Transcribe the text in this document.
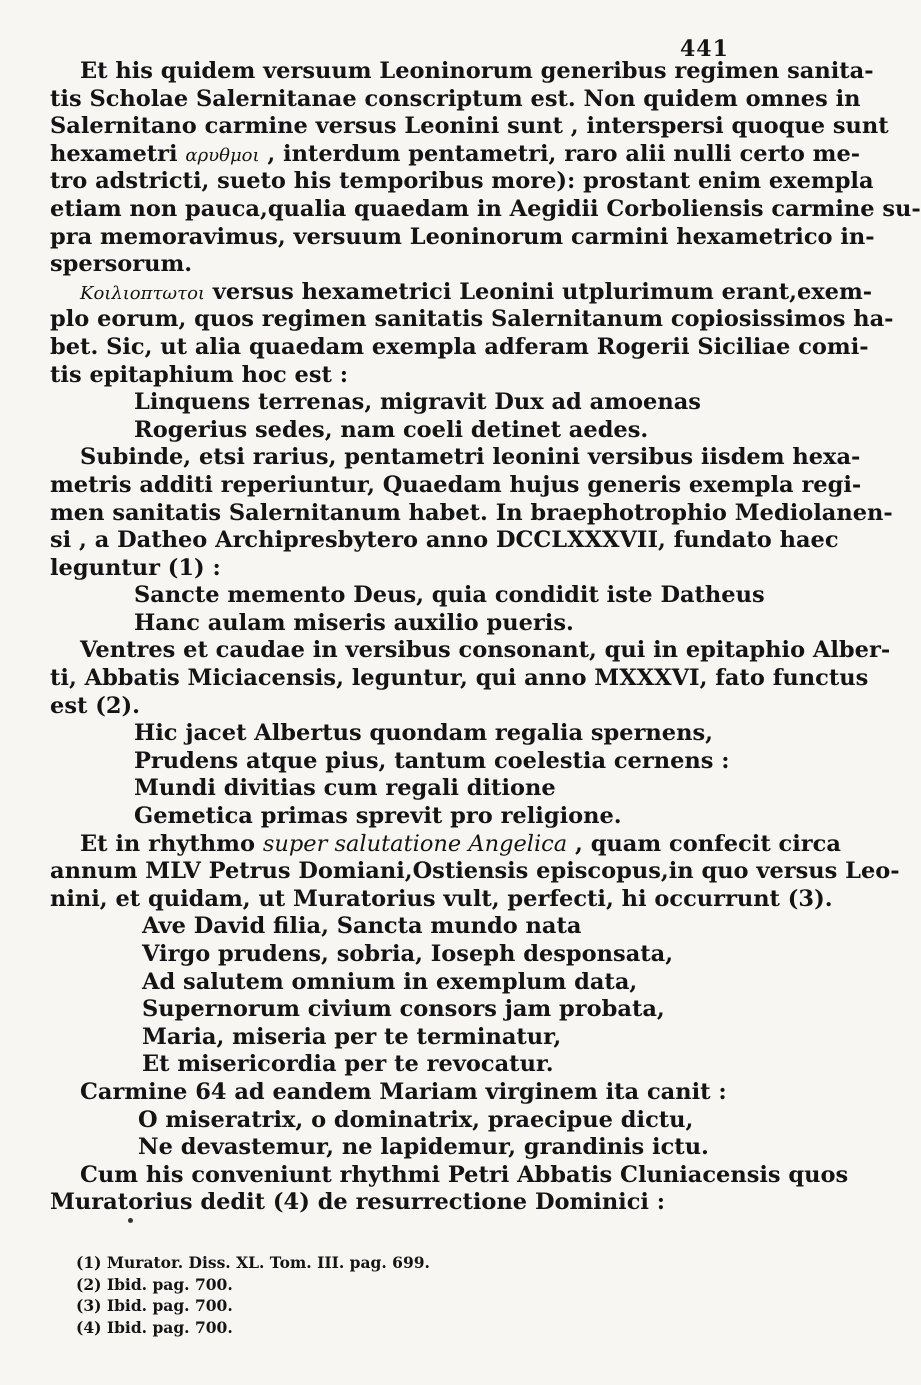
441
Et his quidem versuum Leoninorum generibus regimen sanita-
tis Scholae Salernitanae conscriptum est. Non quidem omnes in
Salernitano carmine versus Leonini sunt , interspersi quoque sunt
hexametri αρυθμοι , interdum pentametri, raro alii nulli certo me-
tro adstricti, sueto his temporibus more): prostant enim exempla
etiam non pauca,qualia quaedam in Aegidii Corboliensis carmine su-
pra memoravimus, versuum Leoninorum carmini hexametrico in-
spersorum.
Κοιλιοπτωτοι versus hexametrici Leonini utplurimum erant,exem-
plo eorum, quos regimen sanitatis Salernitanum copiosissimos ha-
bet. Sic, ut alia quaedam exempla adferam Rogerii Siciliae comi-
tis epitaphium hoc est :
Linquens terrenas, migravit Dux ad amoenas
Rogerius sedes, nam coeli detinet aedes.
Subinde, etsi rarius, pentametri leonini versibus iisdem hexa-
metris additi reperiuntur, Quaedam hujus generis exempla regi-
men sanitatis Salernitanum habet. In braephotrophio Mediolanen-
si , a Datheo Archipresbytero anno DCCLXXXVII, fundato haec
leguntur (1) :
Sancte memento Deus, quia condidit iste Datheus
Hanc aulam miseris auxilio pueris.
Ventres et caudae in versibus consonant, qui in epitaphio Alber-
ti, Abbatis Miciacensis, leguntur, qui anno MXXXVI, fato functus
est (2).
Hic jacet Albertus quondam regalia spernens,
Prudens atque pius, tantum coelestia cernens :
Mundi divitias cum regali ditione
Gemetica primas sprevit pro religione.
Et in rhythmo super salutatione Angelica , quam confecit circa
annum MLV Petrus Domiani,Ostiensis episcopus,in quo versus Leo-
nini, et quidam, ut Muratorius vult, perfecti, hi occurrunt (3).
Ave David filia, Sancta mundo nata
Virgo prudens, sobria, Ioseph desponsata,
Ad salutem omnium in exemplum data,
Supernorum civium consors jam probata,
Maria, miseria per te terminatur,
Et misericordia per te revocatur.
Carmine 64 ad eandem Mariam virginem ita canit :
O miseratrix, o dominatrix, praecipue dictu,
Ne devastemur, ne lapidemur, grandinis ictu.
Cum his conveniunt rhythmi Petri Abbatis Cluniacensis quos
Muratorius dedit (4) de resurrectione Dominici :
(1) Murator. Diss. XL. Tom. III. pag. 699.
(2) Ibid. pag. 700.
(3) Ibid. pag. 700.
(4) Ibid. pag. 700.
